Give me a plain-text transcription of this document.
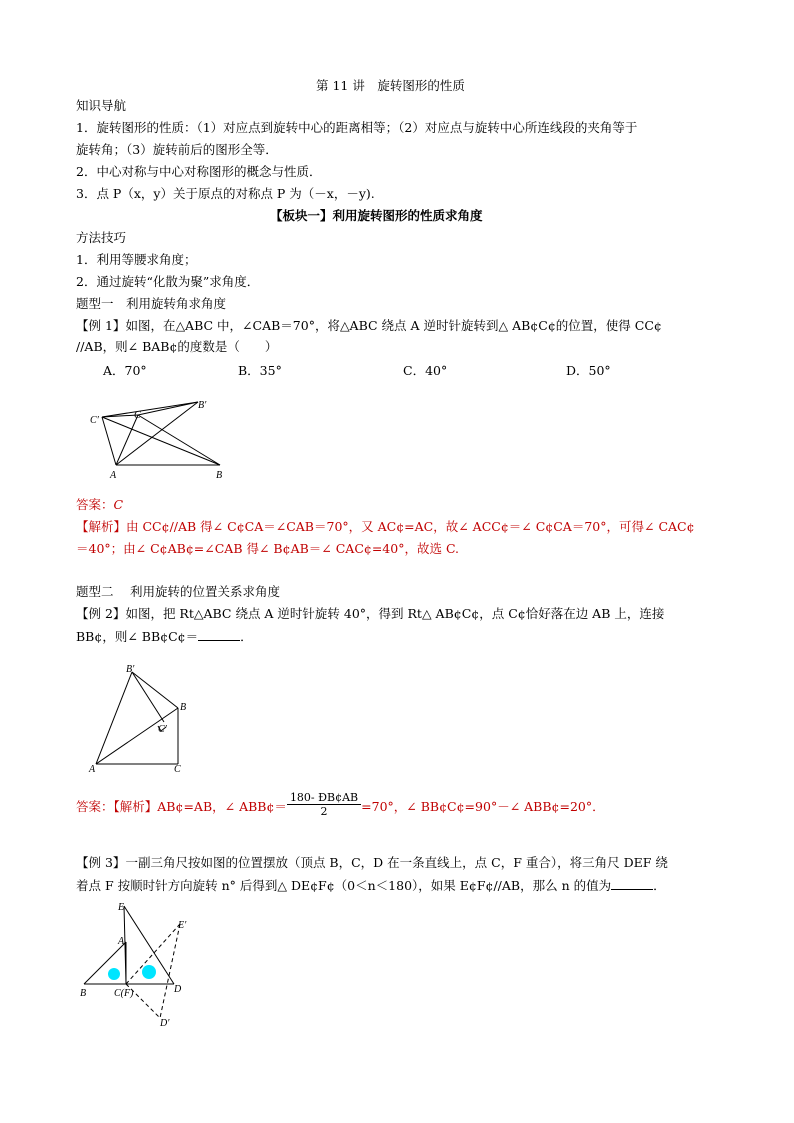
第 11 讲　旋转图形的性质
知识导航
1．旋转图形的性质：（1）对应点到旋转中心的距离相等；（2）对应点与旋转中心所连线段的夹角等于
旋转角；（3）旋转前后的图形全等．
2．中心对称与中心对称图形的概念与性质．
3．点 P（x，y）关于原点的对称点 P 为（－x，－y).
【板块一】利用旋转图形的性质求角度
方法技巧
1．利用等腰求角度；
2．通过旋转“化散为聚”求角度．
题型一　利用旋转角求角度
【例 1】如图，在△ABC 中，∠CAB＝70°，将△ABC 绕点 A 逆时针旋转到△ AB¢C¢的位置，使得 CC¢
//AB，则∠ BAB¢的度数是（　　）
A．70°	B．35°	C．40°	D．50°
C′	C
B′
A	B
答案：C
【解析】由 CC¢//AB 得∠ C¢CA＝∠CAB＝70°，又 AC¢=AC，故∠ ACC¢＝∠ C¢CA＝70°，可得∠ CAC¢
＝40°；由∠ C¢AB¢=∠CAB 得∠ B¢AB＝∠ CAC¢=40°，故选 C.
题型二　 利用旋转的位置关系求角度
【例 2】如图，把 Rt△ABC 绕点 A 逆时针旋转 40°，得到 Rt△ AB¢C¢，点 C¢恰好落在边 AB 上，连接
BB¢，则∠ BB¢C¢＝	．
B′
B
C′
A	C
答案：【解析】AB¢=AB，∠ ABB¢＝ $\frac{180- ÐB¢AB}{2} =70^\circ$，∠ BB¢C¢=90°－∠ ABB¢=20°．
【例 3】一副三角尺按如图的位置摆放（顶点 B，C，D 在一条直线上，点 C，F 重合），将三角尺 DEF 绕
着点 F 按顺时针方向旋转 n° 后得到△ DE¢F¢（0＜n＜180），如果 E¢F¢//AB，那么 n 的值为	．
E
E′
A
B	C(F)	D
D′
